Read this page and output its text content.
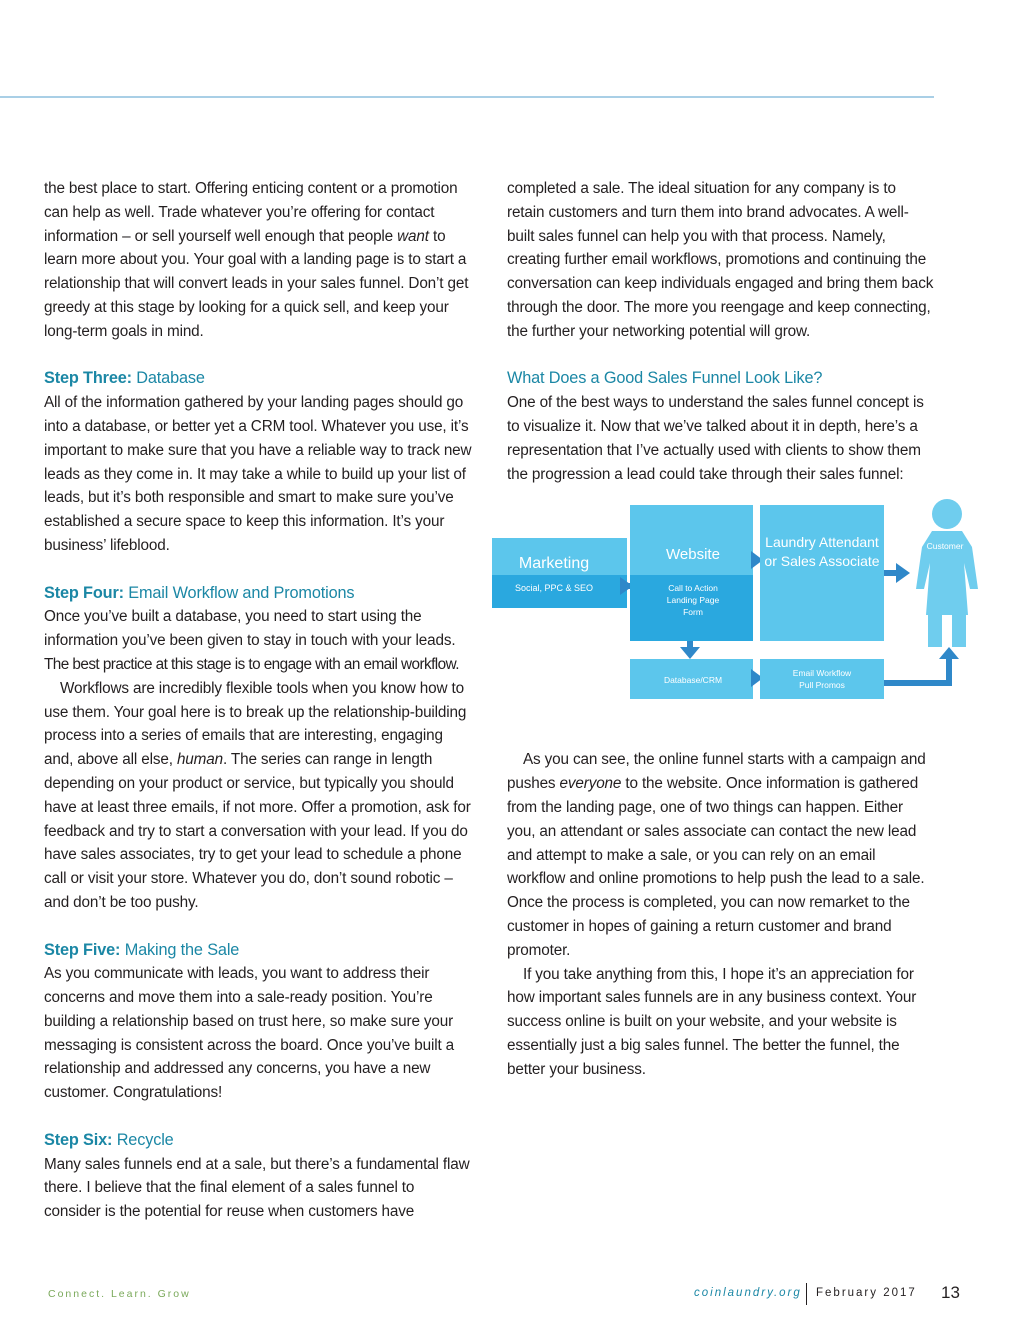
the best place to start. Offering enticing content or a promotion can help as well. Trade whatever you’re offering for contact information – or sell yourself well enough that people want to learn more about you. Your goal with a landing page is to start a relationship that will convert leads in your sales funnel. Don’t get greedy at this stage by looking for a quick sell, and keep your long-term goals in mind.

Step Three: Database

All of the information gathered by your landing pages should go into a database, or better yet a CRM tool. Whatever you use, it’s important to make sure that you have a reliable way to track new leads as they come in. It may take a while to build up your list of leads, but it’s both responsible and smart to make sure you’ve established a secure space to keep this information. It’s your business’ lifeblood.

Step Four: Email Workflow and Promotions

Once you’ve built a database, you need to start using the information you’ve been given to stay in touch with your leads. The best practice at this stage is to engage with an email workflow.

Workflows are incredibly flexible tools when you know how to use them. Your goal here is to break up the relationship-building process into a series of emails that are interesting, engaging and, above all else, human. The series can range in length depending on your product or service, but typically you should have at least three emails, if not more. Offer a promotion, ask for feedback and try to start a conversation with your lead. If you do have sales associates, try to get your lead to schedule a phone call or visit your store. Whatever you do, don’t sound robotic – and don’t be too pushy.

Step Five: Making the Sale

As you communicate with leads, you want to address their concerns and move them into a sale-ready position. You’re building a relationship based on trust here, so make sure your messaging is consistent across the board. Once you’ve built a relationship and addressed any concerns, you have a new customer. Congratulations!

Step Six: Recycle

Many sales funnels end at a sale, but there’s a fundamental flaw there. I believe that the final element of a sales funnel to consider is the potential for reuse when customers have

completed a sale. The ideal situation for any company is to retain customers and turn them into brand advocates. A well-built sales funnel can help you with that process. Namely, creating further email workflows, promotions and continuing the conversation can keep individuals engaged and bring them back through the door. The more you reengage and keep connecting, the further your networking potential will grow.

What Does a Good Sales Funnel Look Like?

One of the best ways to understand the sales funnel concept is to visualize it. Now that we’ve talked about it in depth, here’s a representation that I’ve actually used with clients to show them the progression a lead could take through their sales funnel:

As you can see, the online funnel starts with a campaign and pushes everyone to the website. Once information is gathered from the landing page, one of two things can happen. Either you, an attendant or sales associate can contact the new lead and attempt to make a sale, or you can rely on an email workflow and online promotions to help push the lead to a sale. Once the process is completed, you can now remarket to the customer in hopes of gaining a return customer and brand promoter.

If you take anything from this, I hope it’s an appreciation for how important sales funnels are in any business context. Your success online is built on your website, and your website is essentially just a big sales funnel. The better the funnel, the better your business.

Marketing
Social, PPC & SEO
Website
Call to Action
Landing Page
Form
Laundry Attendant
or Sales Associate
Customer
Database/CRM
Email Workflow
Pull Promos
Connect. Learn. Grow	coinlaundry.org February 2017 13
